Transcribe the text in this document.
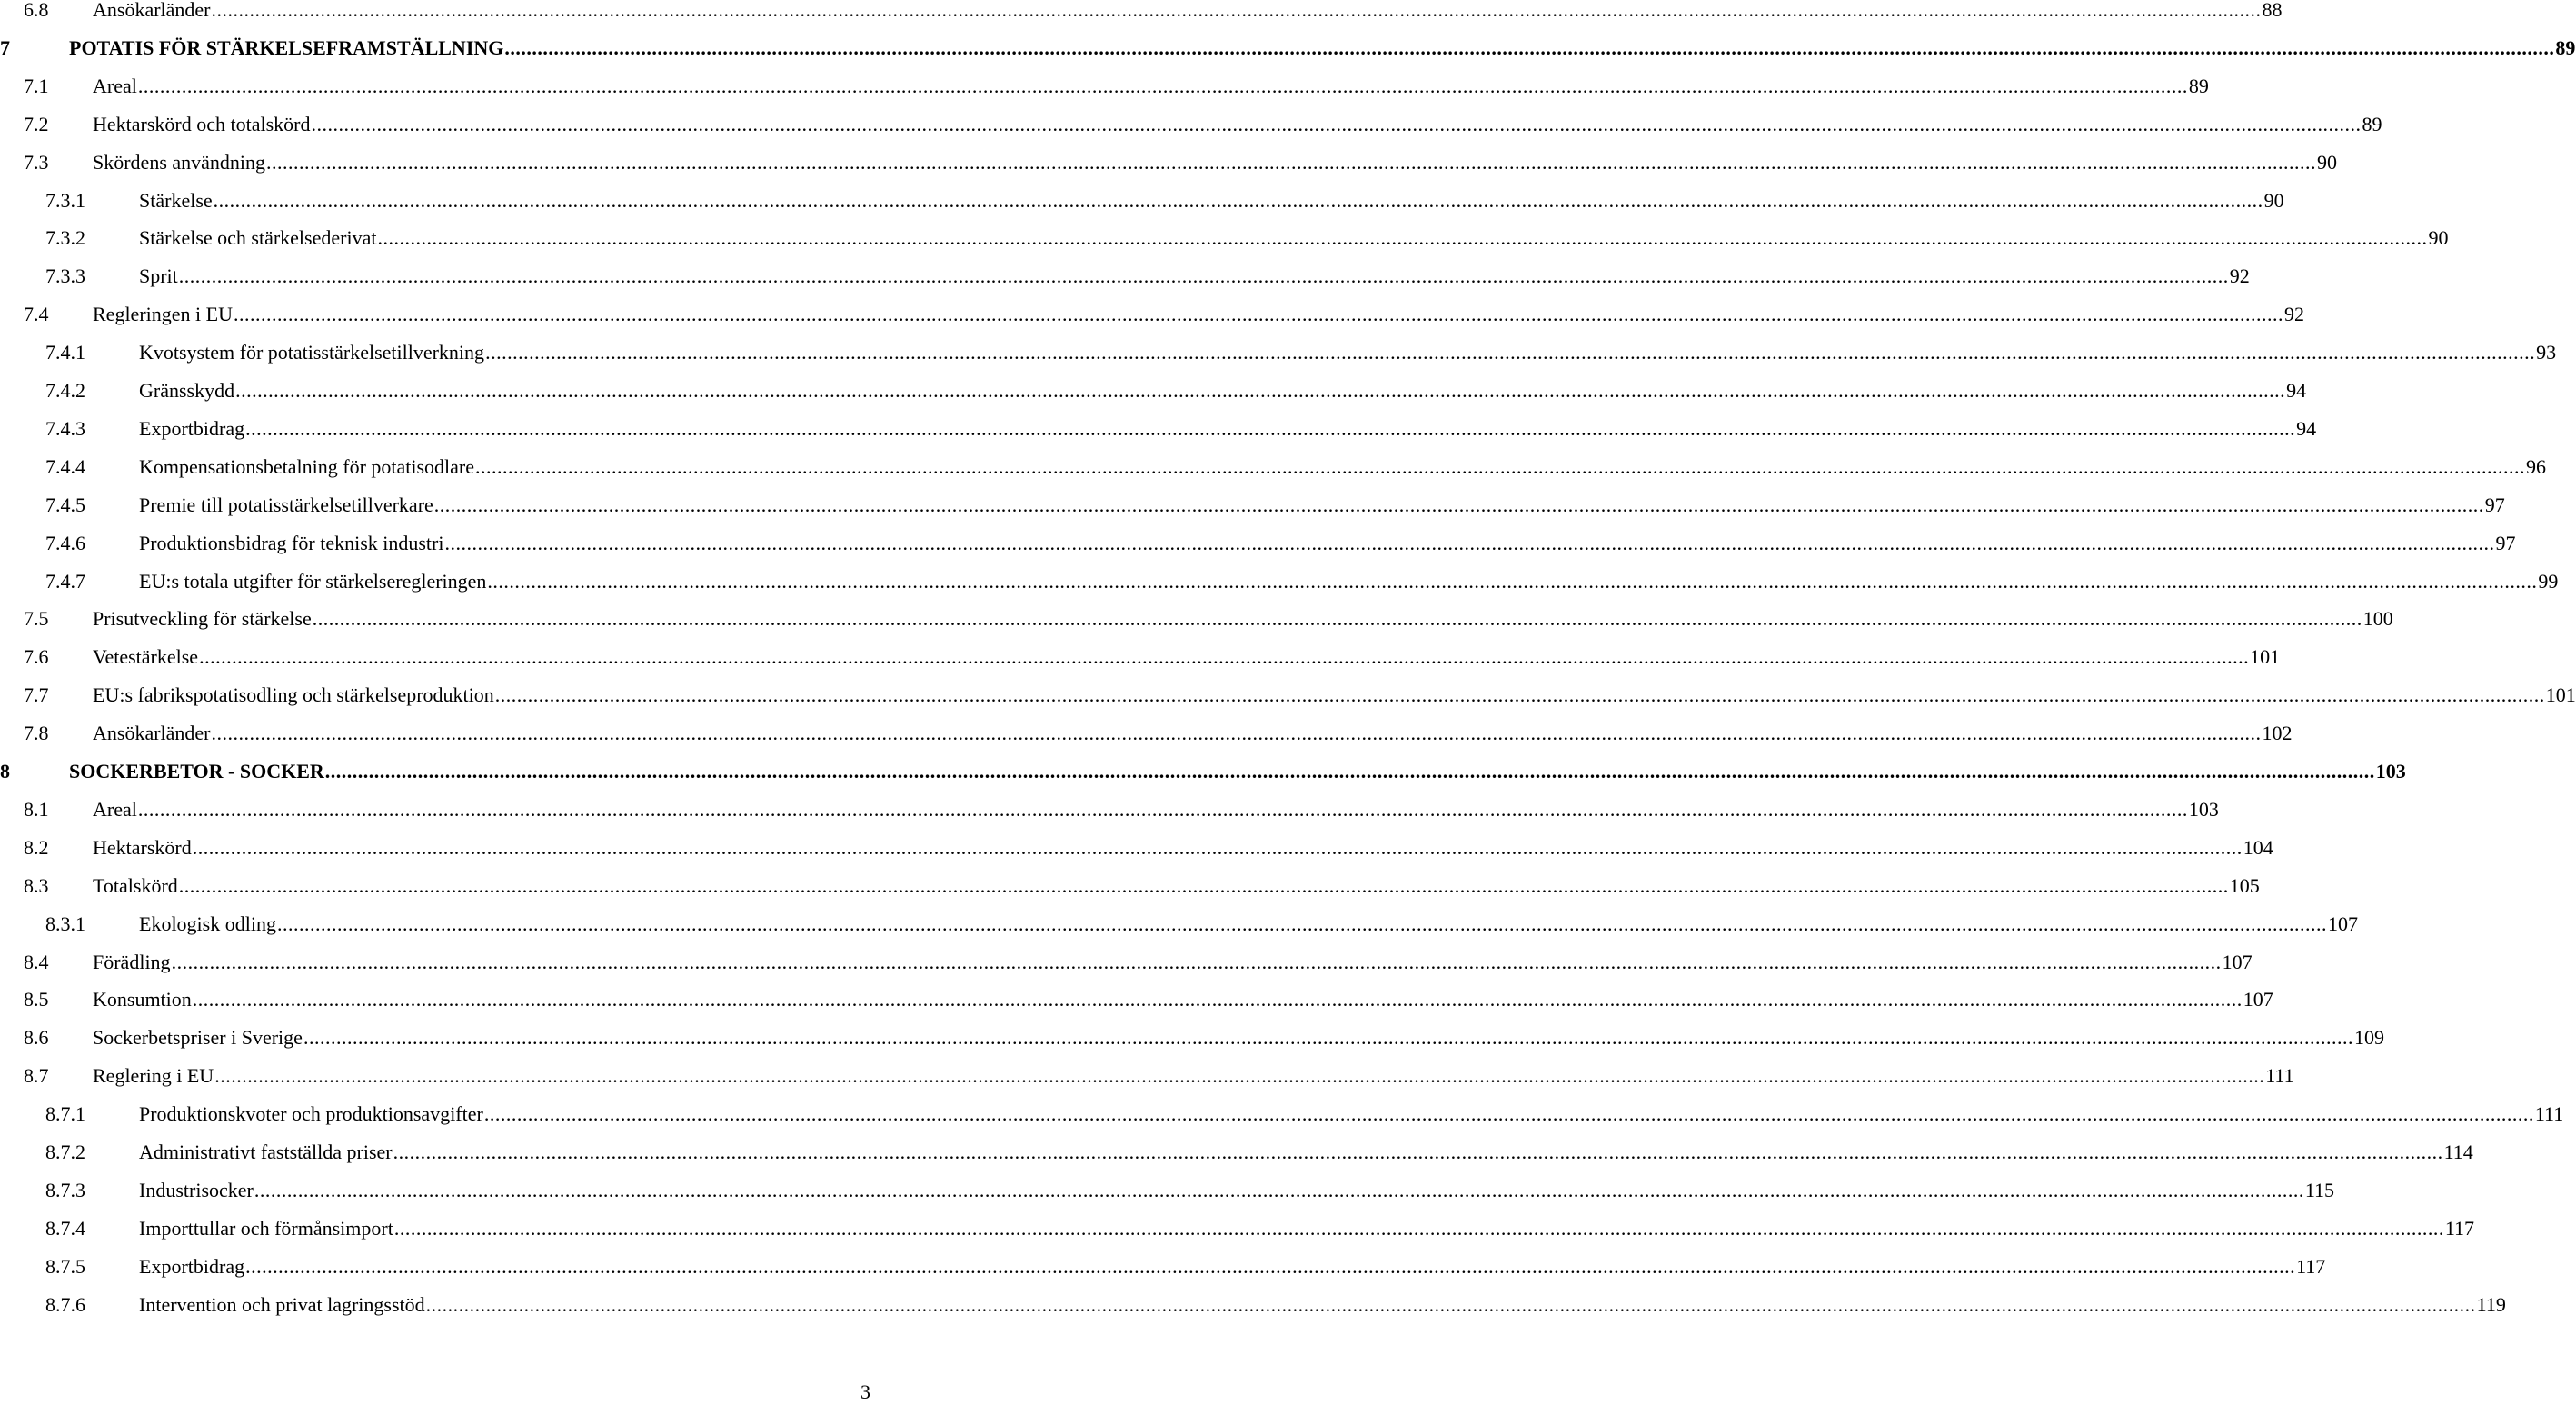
6.8	Ansökarländer .....	88
7	POTATIS FÖR STÄRKELSEFRAMSTÄLLNING .....	89
7.1	Areal .....	89
7.2	Hektarskörd och totalskörd .....	89
7.3	Skördens användning .....	90
7.3.1	Stärkelse .....	90
7.3.2	Stärkelse och stärkelsederivat .....	90
7.3.3	Sprit .....	92
7.4	Regleringen i EU .....	92
7.4.1	Kvotsystem för potatisstärkelsetillverkning .....	93
7.4.2	Gränsskydd .....	94
7.4.3	Exportbidrag .....	94
7.4.4	Kompensationsbetalning för potatisodlare .....	96
7.4.5	Premie till potatisstärkelsetillverkare .....	97
7.4.6	Produktionsbidrag för teknisk industri .....	97
7.4.7	EU:s totala utgifter för stärkelseregleringen .....	99
7.5	Prisutveckling för stärkelse .....	100
7.6	Vetestärkelse .....	101
7.7	EU:s fabrikspotatisodling och stärkelseproduktion .....	101
7.8	Ansökarländer .....	102
8	SOCKERBETOR - SOCKER .....	103
8.1	Areal .....	103
8.2	Hektarskörd .....	104
8.3	Totalskörd .....	105
8.3.1	Ekologisk odling .....	107
8.4	Förädling .....	107
8.5	Konsumtion .....	107
8.6	Sockerbetspriser i Sverige .....	109
8.7	Reglering i EU .....	111
8.7.1	Produktionskvoter och produktionsavgifter .....	111
8.7.2	Administrativt fastställda priser .....	114
8.7.3	Industrisocker .....	115
8.7.4	Importtullar och förmånsimport .....	117
8.7.5	Exportbidrag .....	117
8.7.6	Intervention och privat lagringsstöd .....	119
3
